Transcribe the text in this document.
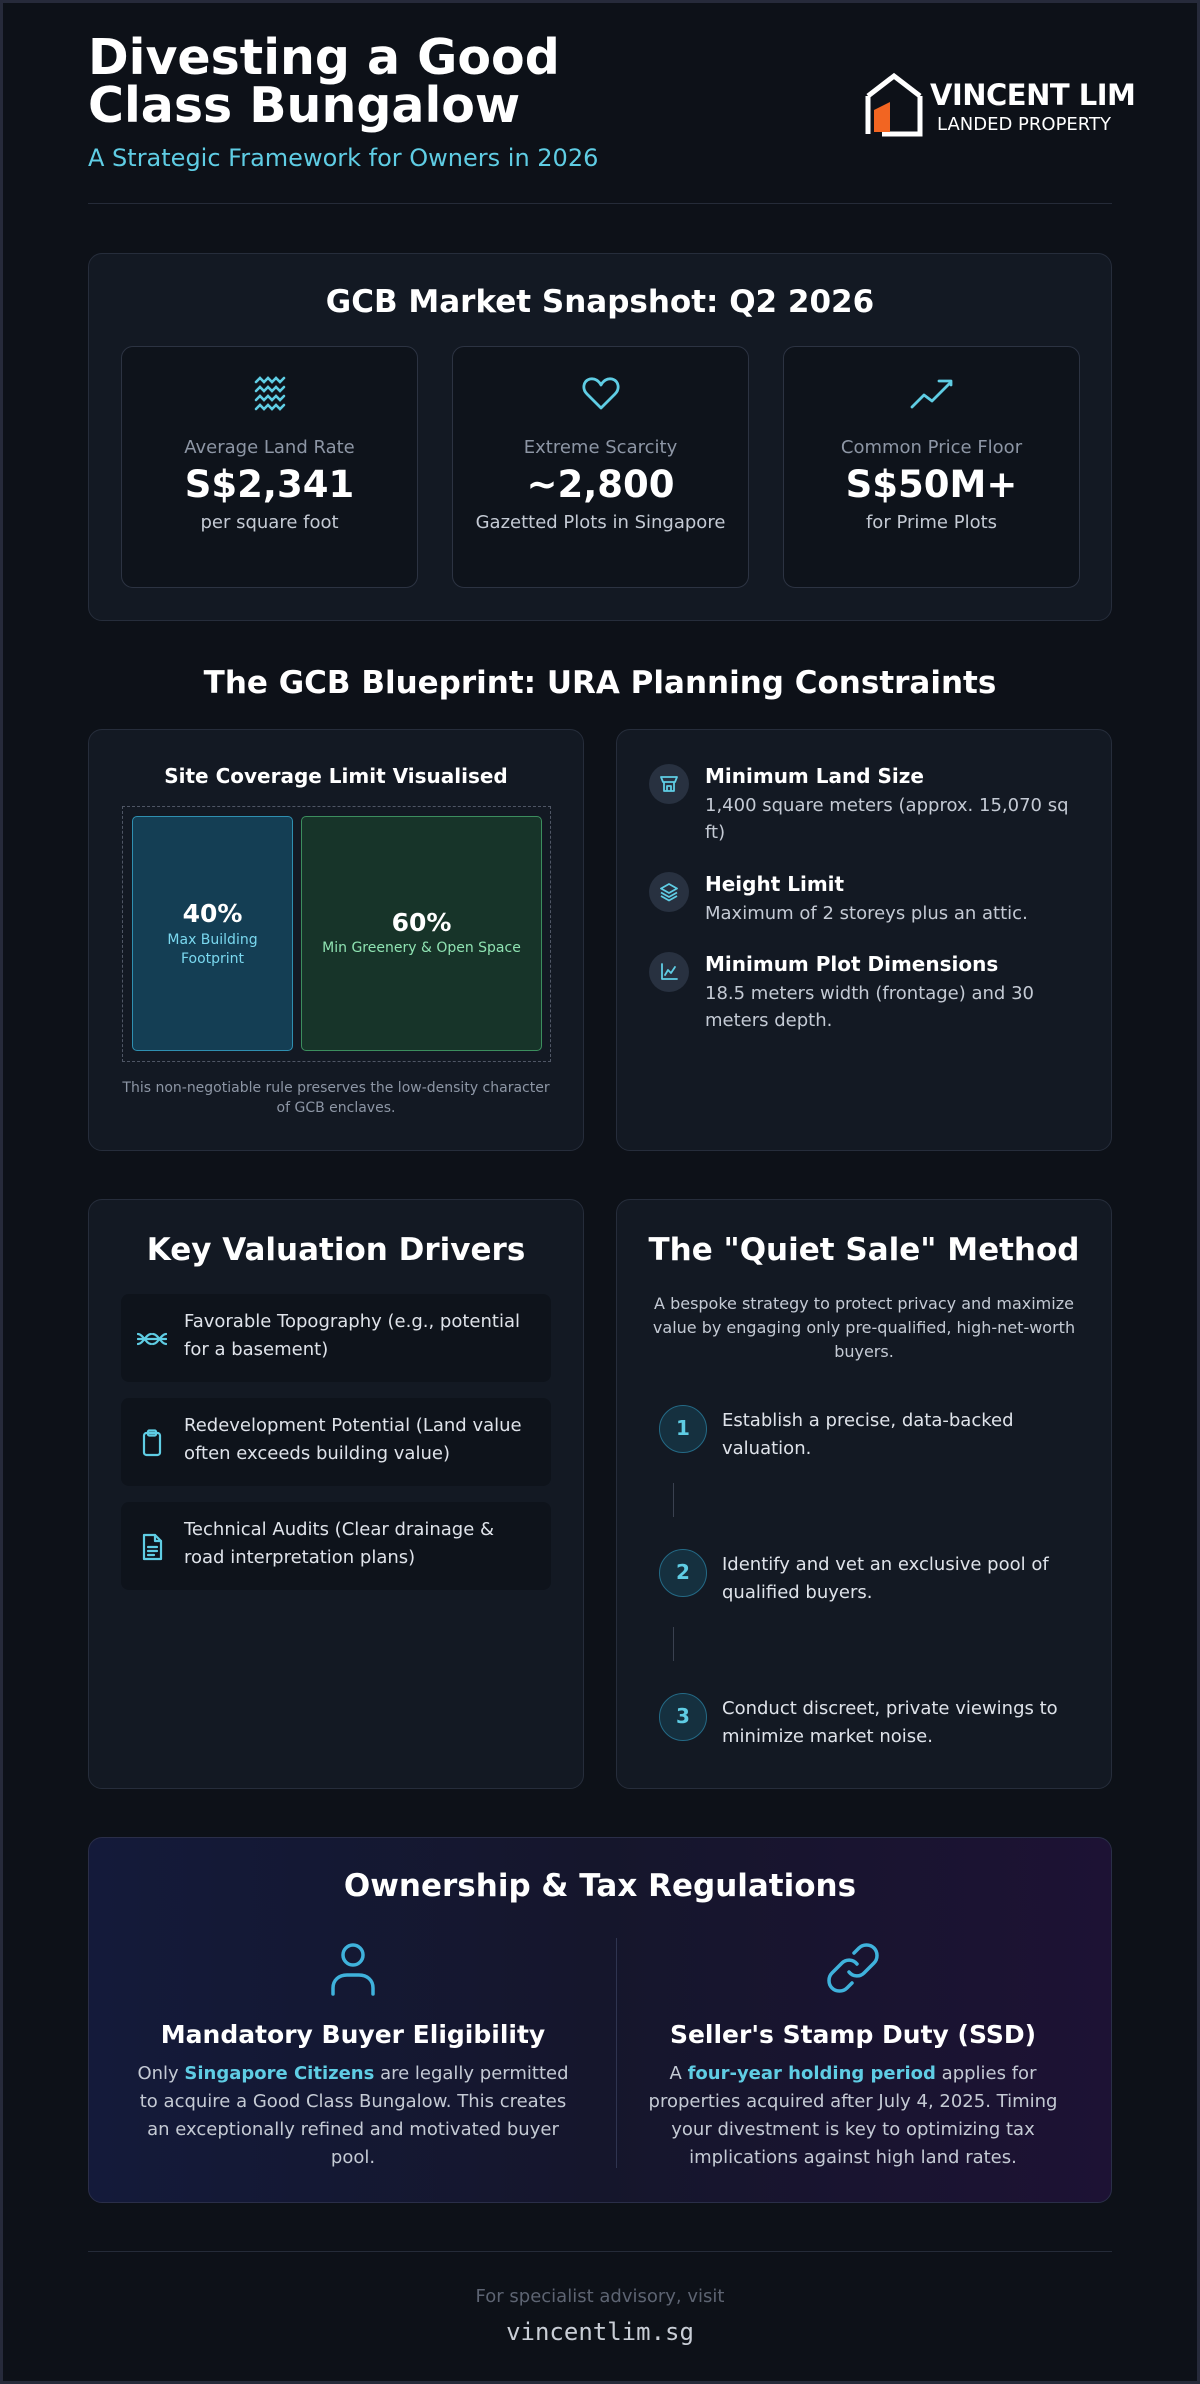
Divesting a Good Class Bungalow
A Strategic Framework for Owners in 2026
VINCENT LIM
LANDED PROPERTY
GCB Market Snapshot: Q2 2026
Average Land Rate
S$2,341
per square foot
Extreme Scarcity
~2,800
Gazetted Plots in Singapore
Common Price Floor
S$50M+
for Prime Plots
The GCB Blueprint: URA Planning Constraints
Site Coverage Limit Visualised
40%
Max Building Footprint
60%
Min Greenery & Open Space
This non-negotiable rule preserves the low-density character of GCB enclaves.
Minimum Land Size
1,400 square meters (approx. 15,070 sq ft)
Height Limit
Maximum of 2 storeys plus an attic.
Minimum Plot Dimensions
18.5 meters width (frontage) and 30 meters depth.
Key Valuation Drivers
Favorable Topography (e.g., potential for a basement)
Redevelopment Potential (Land value often exceeds building value)
Technical Audits (Clear drainage & road interpretation plans)
The "Quiet Sale" Method
A bespoke strategy to protect privacy and maximize value by engaging only pre-qualified, high-net-worth buyers.
1	Establish a precise, data-backed valuation.
2	Identify and vet an exclusive pool of qualified buyers.
3	Conduct discreet, private viewings to minimize market noise.
Ownership & Tax Regulations
Mandatory Buyer Eligibility
Only Singapore Citizens are legally permitted to acquire a Good Class Bungalow. This creates an exceptionally refined and motivated buyer pool.
Seller's Stamp Duty (SSD)
A four-year holding period applies for properties acquired after July 4, 2025. Timing your divestment is key to optimizing tax implications against high land rates.
For specialist advisory, visit
vincentlim.sg
